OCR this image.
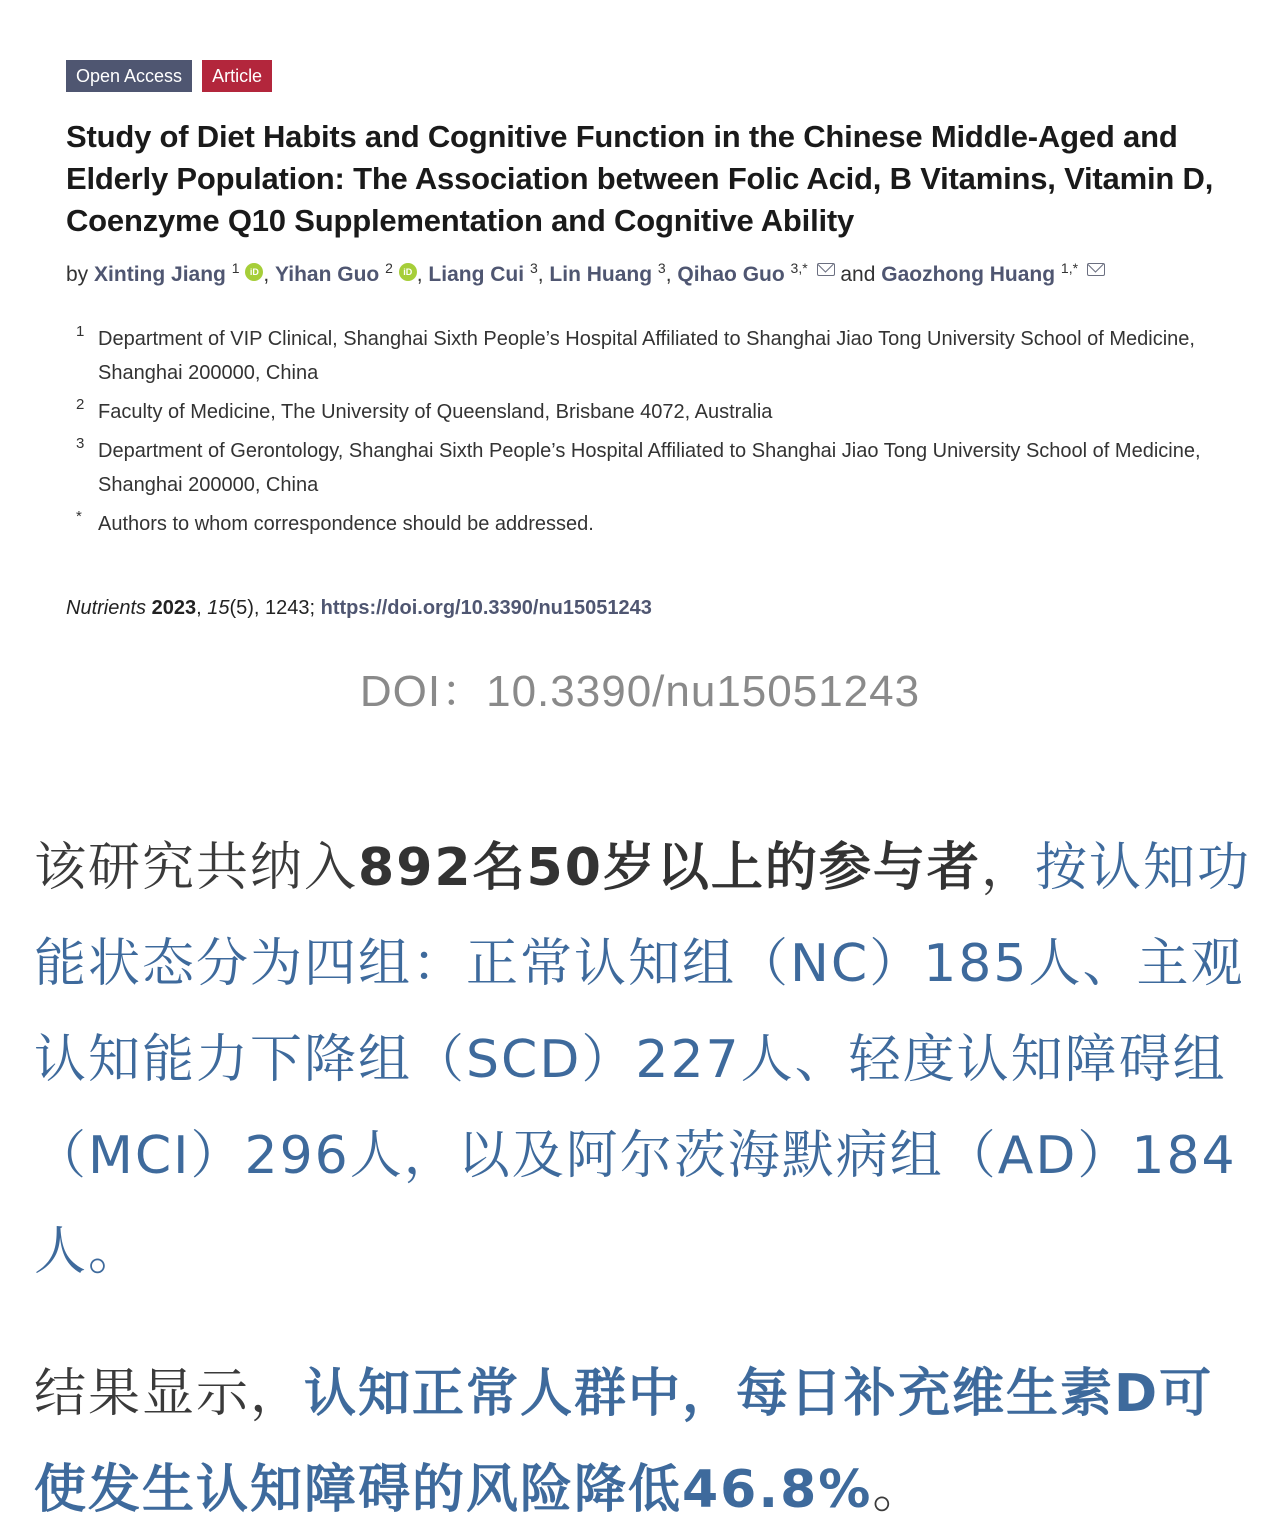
Open Access	Article
Study of Diet Habits and Cognitive Function in the Chinese Middle-Aged and Elderly Population: The Association between Folic Acid, B Vitamins, Vitamin D, Coenzyme Q10 Supplementation and Cognitive Ability
by Xinting Jiang $^1$ iD , Yihan Guo $^2$ iD , Liang Cui $^3$, Lin Huang $^3$, Qihao Guo $^{3,*}$ and Gaozhong Huang $^{1,*}$
1 Department of VIP Clinical, Shanghai Sixth People’s Hospital Affiliated to Shanghai Jiao Tong University School of Medicine, Shanghai 200000, China
2 Faculty of Medicine, The University of Queensland, Brisbane 4072, Australia
3 Department of Gerontology, Shanghai Sixth People’s Hospital Affiliated to Shanghai Jiao Tong University School of Medicine, Shanghai 200000, China
* Authors to whom correspondence should be addressed.
Nutrients 2023, 15(5), 1243; https://doi.org/10.3390/nu15051243
DOI：10.3390/nu15051243

该研究共纳入892名50岁以上的参与者，按认知功能状态分为四组：正常认知组（NC）185人、主观认知能力下降组（SCD）227人、轻度认知障碍组（MCI）296人，以及阿尔茨海默病组（AD）184人。

结果显示，认知正常人群中，每日补充维生素D可使发生认知障碍的风险降低46.8%。
